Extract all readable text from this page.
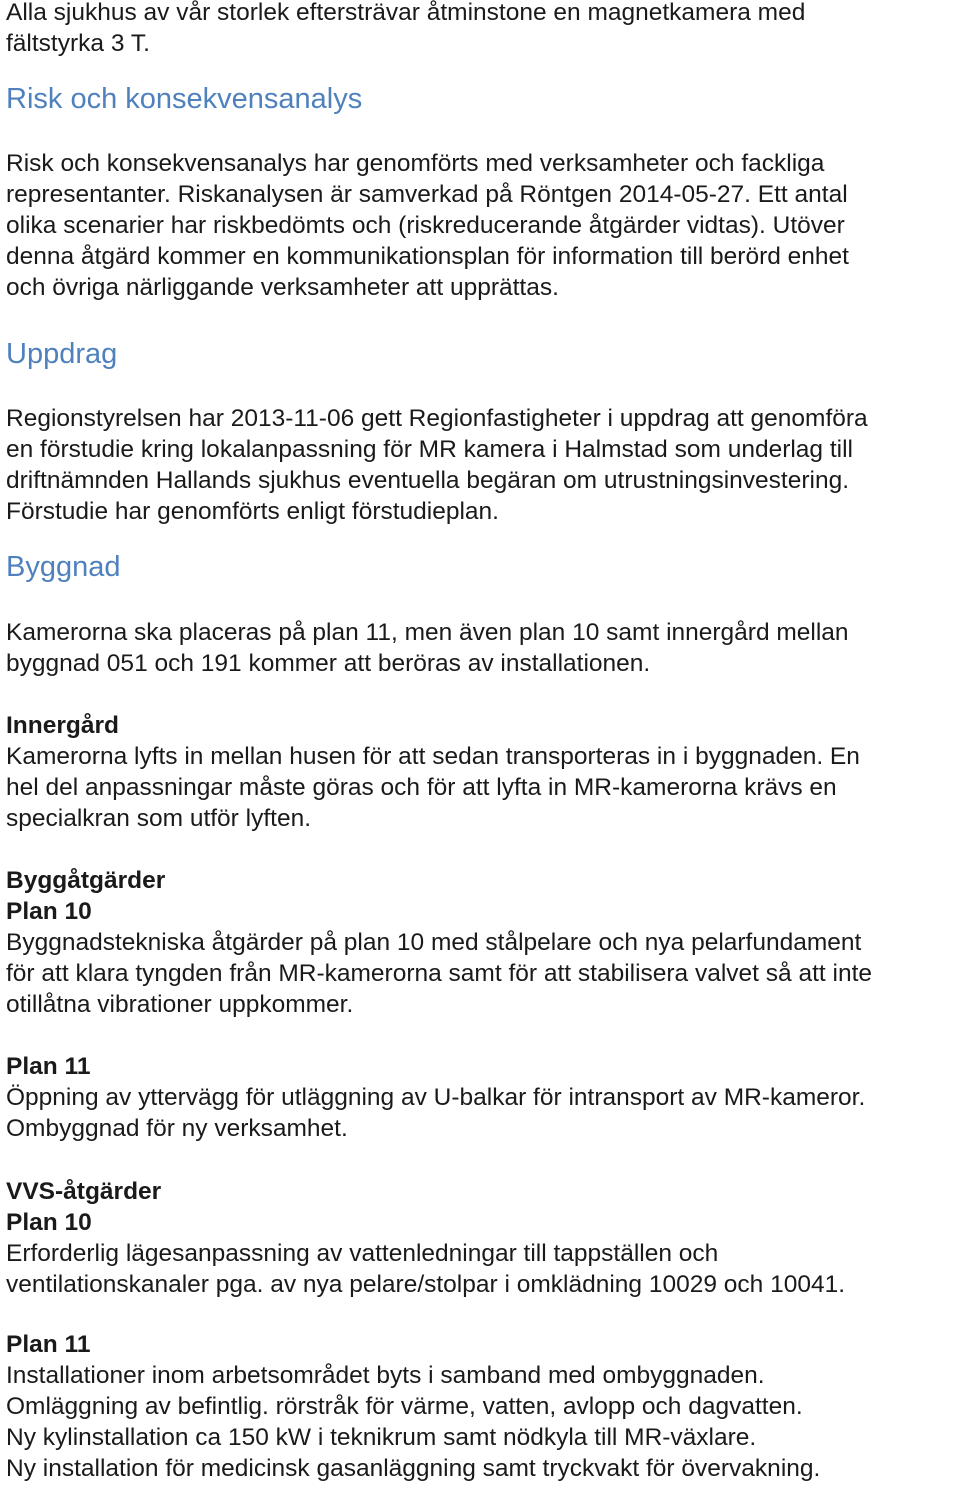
Alla sjukhus av vår storlek eftersträvar åtminstone en magnetkamera med
fältstyrka 3 T.

Risk och konsekvensanalys

Risk och konsekvensanalys har genomförts med verksamheter och fackliga
representanter. Riskanalysen är samverkad på Röntgen 2014-05-27. Ett antal
olika scenarier har riskbedömts och (riskreducerande åtgärder vidtas). Utöver
denna åtgärd kommer en kommunikationsplan för information till berörd enhet
och övriga närliggande verksamheter att upprättas.

Uppdrag

Regionstyrelsen har 2013-11-06 gett Regionfastigheter i uppdrag att genomföra
en förstudie kring lokalanpassning för MR kamera i Halmstad som underlag till
driftnämnden Hallands sjukhus eventuella begäran om utrustningsinvestering.
Förstudie har genomförts enligt förstudieplan.

Byggnad

Kamerorna ska placeras på plan 11, men även plan 10 samt innergård mellan
byggnad 051 och 191 kommer att beröras av installationen.

Innergård

Kamerorna lyfts in mellan husen för att sedan transporteras in i byggnaden. En
hel del anpassningar måste göras och för att lyfta in MR-kamerorna krävs en
specialkran som utför lyften.

Byggåtgärder
Plan 10

Byggnadstekniska åtgärder på plan 10 med stålpelare och nya pelarfundament
för att klara tyngden från MR-kamerorna samt för att stabilisera valvet så att inte
otillåtna vibrationer uppkommer.

Plan 11

Öppning av yttervägg för utläggning av U-balkar för intransport av MR-kameror.
Ombyggnad för ny verksamhet.

VVS-åtgärder
Plan 10

Erforderlig lägesanpassning av vattenledningar till tappställen och
ventilationskanaler pga. av nya pelare/stolpar i omklädning 10029 och 10041.

Plan 11

Installationer inom arbetsområdet byts i samband med ombyggnaden.
Omläggning av befintlig. rörstråk för värme, vatten, avlopp och dagvatten.
Ny kylinstallation ca 150 kW i teknikrum samt nödkyla till MR-växlare.
Ny installation för medicinsk gasanläggning samt tryckvakt för övervakning.
